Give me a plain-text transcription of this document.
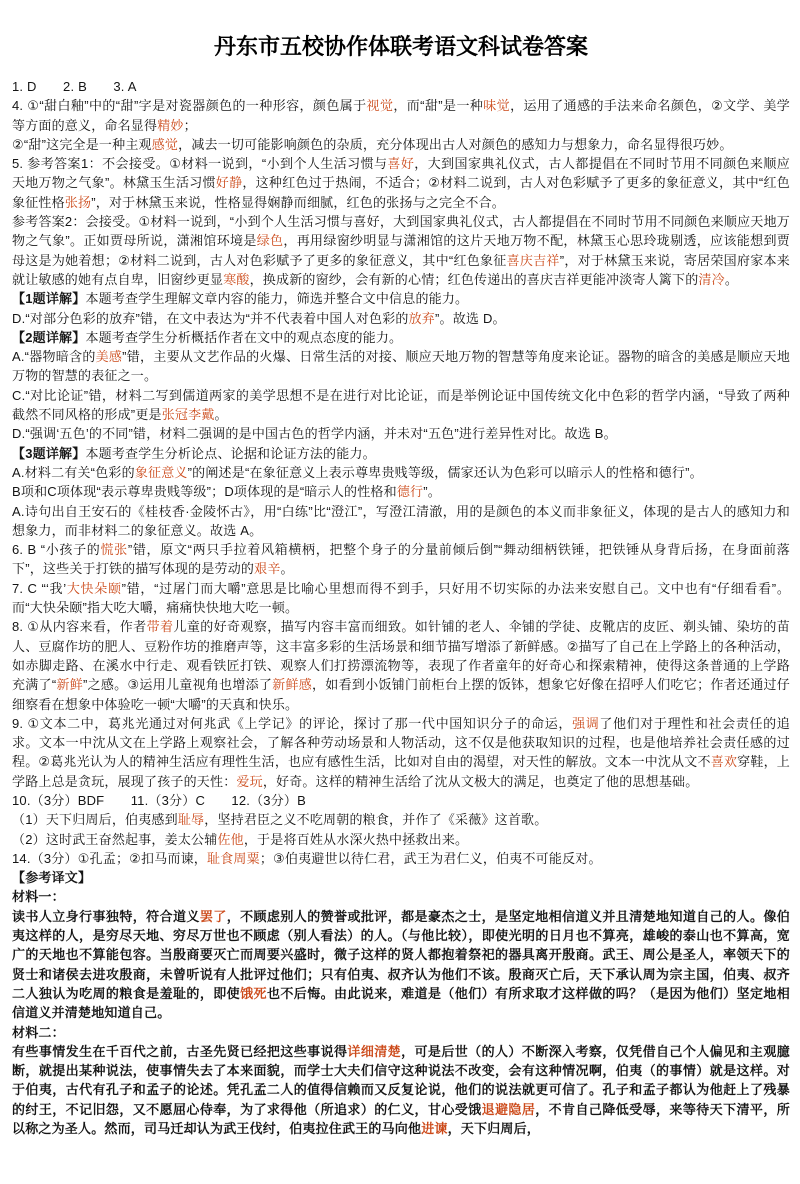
丹东市五校协作体联考语文科试卷答案

1. D　　2. B　　3. A

4. ①“甜白釉”中的“甜”字是对瓷器颜色的一种形容，颜色属于视觉，而“甜”是一种味觉，运用了通感的手法来命名颜色，②文学、美学等方面的意义，命名显得精妙；

②“甜”这完全是一种主观感觉，减去一切可能影响颜色的杂质，充分体现出古人对颜色的感知力与想象力，命名显得很巧妙。

5. 参考答案1：不会接受。①材料一说到，“小到个人生活习惯与喜好，大到国家典礼仪式，古人都提倡在不同时节用不同颜色来顺应天地万物之气象”。林黛玉生活习惯好静，这种红色过于热闹，不适合；②材料二说到，古人对色彩赋予了更多的象征意义，其中“红色象征性格张扬”，对于林黛玉来说，性格显得娴静而细腻，红色的张扬与之完全不合。

参考答案2：会接受。①材料一说到，“小到个人生活习惯与喜好，大到国家典礼仪式，古人都提倡在不同时节用不同颜色来顺应天地万物之气象”。正如贾母所说，潇湘馆环境是绿色，再用绿窗纱明显与潇湘馆的这片天地万物不配，林黛玉心思玲珑剔透，应该能想到贾母这是为她着想；②材料二说到，古人对色彩赋予了更多的象征意义，其中“红色象征喜庆吉祥”，对于林黛玉来说，寄居荣国府家本来就让敏感的她有点自卑，旧窗纱更显寒酸，换成新的窗纱，会有新的心情；红色传递出的喜庆吉祥更能冲淡寄人篱下的清冷。

【1题详解】本题考查学生理解文章内容的能力，筛选并整合文中信息的能力。

D.“对部分色彩的放弃”错，在文中表达为“并不代表着中国人对色彩的放弃”。故选 D。

【2题详解】本题考查学生分析概括作者在文中的观点态度的能力。

A.“器物暗含的美感”错，主要从文艺作品的火爆、日常生活的对接、顺应天地万物的智慧等角度来论证。器物的暗含的美感是顺应天地万物的智慧的表征之一。

C.“对比论证”错，材料二写到儒道两家的美学思想不是在进行对比论证，而是举例论证中国传统文化中色彩的哲学内涵，“导致了两种截然不同风格的形成”更是张冠李戴。

D.“强调‘五色’的不同”错，材料二强调的是中国古色的哲学内涵，并未对“五色”进行差异性对比。故选 B。

【3题详解】本题考查学生分析论点、论据和论证方法的能力。

A.材料二有关“色彩的象征意义”的阐述是“在象征意义上表示尊卑贵贱等级，儒家还认为色彩可以暗示人的性格和德行”。

B项和C项体现“表示尊卑贵贱等级”；D项体现的是“暗示人的性格和德行”。

A.诗句出自王安石的《桂枝香·金陵怀古》，用“白练”比“澄江”，写澄江清澈，用的是颜色的本义而非象征义，体现的是古人的感知力和想象力，而非材料二的象征意义。故选 A。

6. B “小孩子的慌张”错，原文“两只手拉着风箱横柄，把整个身子的分量前倾后倒”“舞动细柄铁锤，把铁锤从身背后扬，在身面前落下”，这些关于打铁的描写体现的是劳动的艰辛。

7. C “‘我’大快朵颐”错，“过屠门而大嚼”意思是比喻心里想而得不到手，只好用不切实际的办法来安慰自己。文中也有“仔细看看”。而“大快朵颐”指大吃大嚼，痛痛快快地大吃一顿。

8. ①从内容来看，作者带着儿童的好奇观察，描写内容丰富而细致。如针铺的老人、伞铺的学徒、皮靴店的皮匠、剃头铺、染坊的苗人、豆腐作坊的肥人、豆粉作坊的推磨声等，这丰富多彩的生活场景和细节描写增添了新鲜感。②描写了自己在上学路上的各种活动，如赤脚走路、在溪水中行走、观看铁匠打铁、观察人们打捞漂流物等，表现了作者童年的好奇心和探索精神，使得这条普通的上学路充满了“新鲜”之感。③运用儿童视角也增添了新鲜感，如看到小饭铺门前柜台上摆的饭钵，想象它好像在招呼人们吃它；作者还通过仔细察看在想象中体验吃一顿“大嚼”的天真和快乐。

9. ①文本二中，葛兆光通过对何兆武《上学记》的评论，探讨了那一代中国知识分子的命运，强调了他们对于理性和社会责任的追求。文本一中沈从文在上学路上观察社会，了解各种劳动场景和人物活动，这不仅是他获取知识的过程，也是他培养社会责任感的过程。②葛兆光认为人的精神生活应有理性生活，也应有感性生活，比如对自由的渴望，对天性的解放。文本一中沈从文不喜欢穿鞋，上学路上总是贪玩，展现了孩子的天性：爱玩，好奇。这样的精神生活给了沈从文极大的满足，也奠定了他的思想基础。

10.（3分）BDF　　11.（3分）C　　12.（3分）B

（1）天下归周后，伯夷感到耻辱，坚持君臣之义不吃周朝的粮食，并作了《采薇》这首歌。

（2）这时武王奋然起事，姜太公辅佐他，于是将百姓从水深火热中拯救出来。

14.（3分）①孔孟；②扣马而谏，耻食周粟；③伯夷避世以待仁君，武王为君仁义，伯夷不可能反对。

【参考译文】

材料一：

读书人立身行事独特，符合道义罢了，不顾虑别人的赞誉或批评，都是豪杰之士，是坚定地相信道义并且清楚地知道自己的人。像伯夷这样的人，是穷尽天地、穷尽万世也不顾虑（别人看法）的人。（与他比较），即使光明的日月也不算亮，雄峻的泰山也不算高，宽广的天地也不算能包容。当殷商要灭亡而周要兴盛时，微子这样的贤人都抱着祭祀的器具离开殷商。武王、周公是圣人，率领天下的贤士和诸侯去进攻殷商，未曾听说有人批评过他们；只有伯夷、叔齐认为他们不该。殷商灭亡后，天下承认周为宗主国，伯夷、叔齐二人独认为吃周的粮食是羞耻的，即使饿死也不后悔。由此说来，难道是（他们）有所求取才这样做的吗？（是因为他们）坚定地相信道义并清楚地知道自己。

材料二：

有些事情发生在千百代之前，古圣先贤已经把这些事说得详细清楚，可是后世（的人）不断深入考察，仅凭借自己个人偏见和主观臆断，就提出某种说法，使事情失去了本来面貌，而学士大夫们信守这种说法不改变，会有这种情况啊，伯夷（的事情）就是这样。对于伯夷，古代有孔子和孟子的论述。凭孔孟二人的值得信赖而又反复论说，他们的说法就更可信了。孔子和孟子都认为他赶上了残暴的纣王，不记旧怨，又不愿屈心侍奉，为了求得他（所追求）的仁义，甘心受饿退避隐居，不肯自己降低受辱，来等待天下清平，所以称之为圣人。然而，司马迁却认为武王伐纣，伯夷拉住武王的马向他进谏，天下归周后，
